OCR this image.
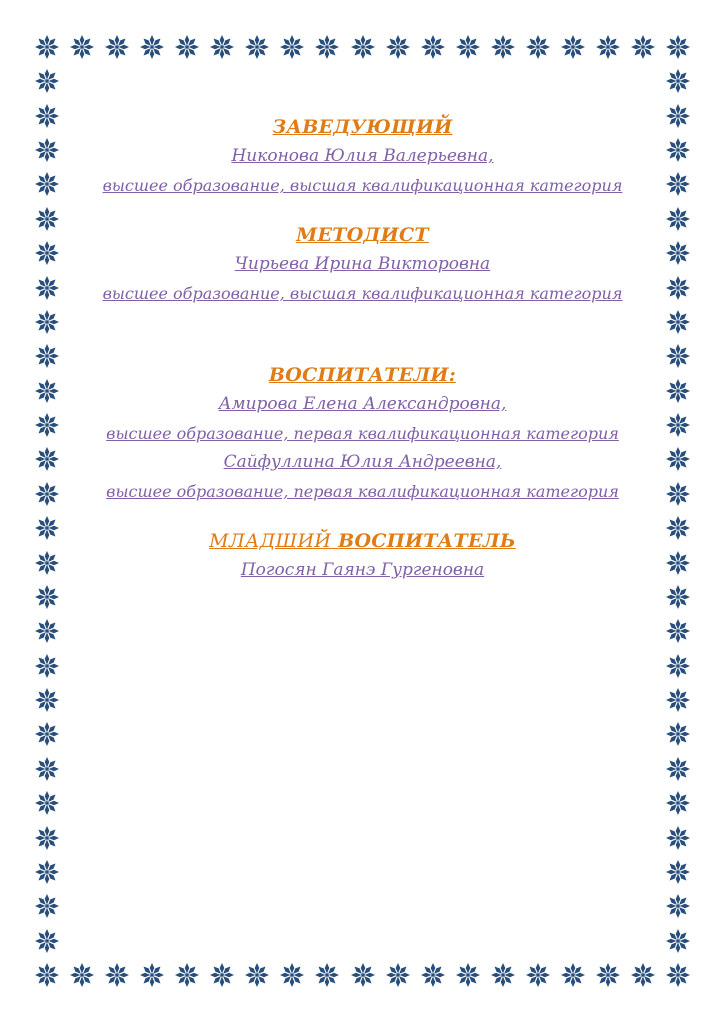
ЗАВЕДУЮЩИЙ
Никонова Юлия Валерьевна,
высшее образование, высшая квалификационная категория
МЕТОДИСТ
Чирьева Ирина Викторовна
высшее образование, высшая квалификационная категория
ВОСПИТАТЕЛИ:
Амирова Елена Александровна,
высшее образование, первая квалификационная категория
Сайфуллина Юлия Андреевна,
высшее образование, первая квалификационная категория
МЛАДШИЙ ВОСПИТАТЕЛЬ
Погосян Гаянэ Гургеновна
